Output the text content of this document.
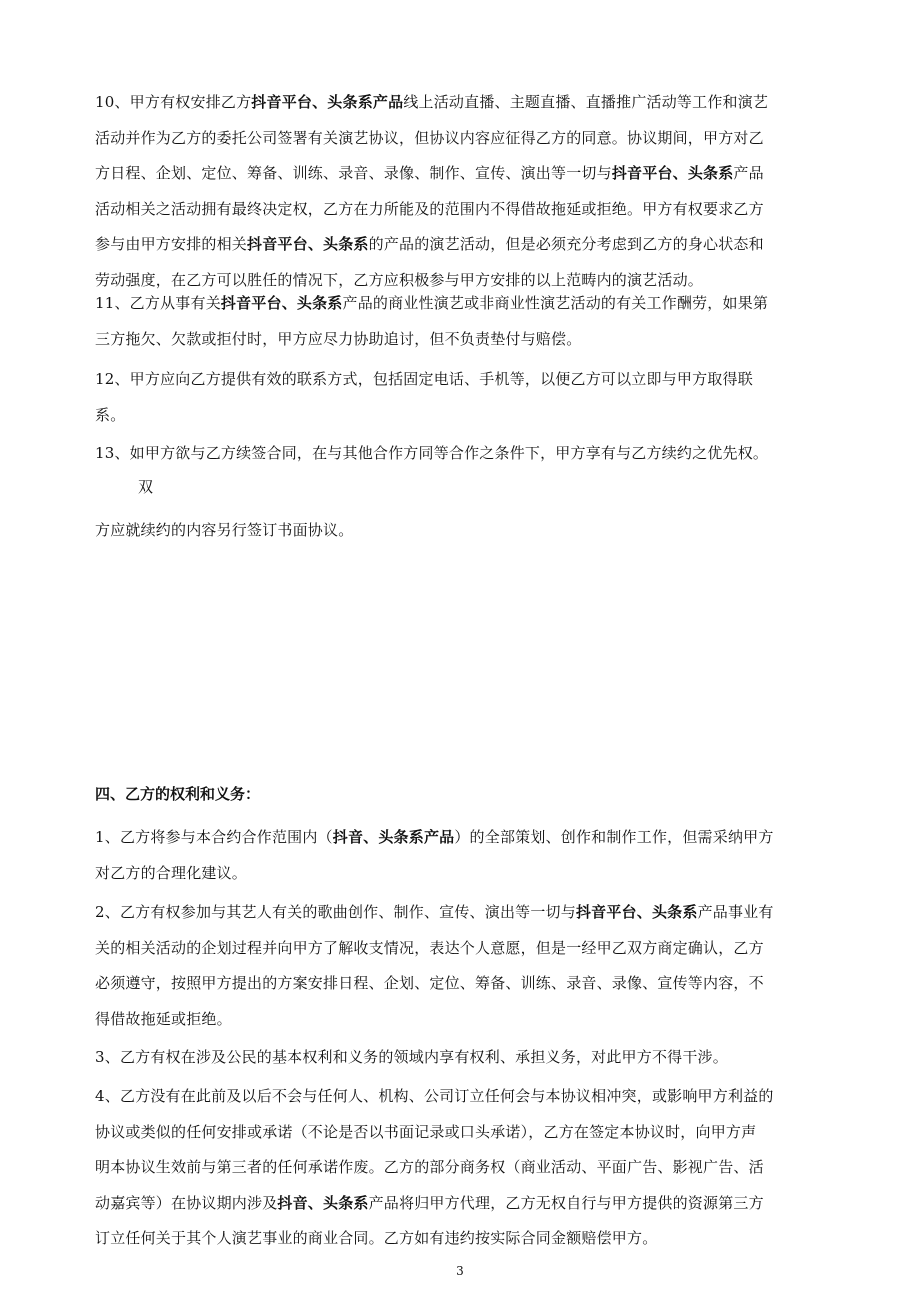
10、甲方有权安排乙方抖音平台、头条系产品线上活动直播、主题直播、直播推广活动等工作和演艺
活动并作为乙方的委托公司签署有关演艺协议，但协议内容应征得乙方的同意。协议期间，甲方对乙
方日程、企划、定位、筹备、训练、录音、录像、制作、宣传、演出等一切与抖音平台、头条系产品
活动相关之活动拥有最终决定权，乙方在力所能及的范围内不得借故拖延或拒绝。甲方有权要求乙方
参与由甲方安排的相关抖音平台、头条系的产品的演艺活动，但是必须充分考虑到乙方的身心状态和
劳动强度，在乙方可以胜任的情况下，乙方应积极参与甲方安排的以上范畴内的演艺活动。
11、乙方从事有关抖音平台、头条系产品的商业性演艺或非商业性演艺活动的有关工作酬劳，如果第
三方拖欠、欠款或拒付时，甲方应尽力协助追讨，但不负责垫付与赔偿。
12、甲方应向乙方提供有效的联系方式，包括固定电话、手机等，以便乙方可以立即与甲方取得联
系。
13、如甲方欲与乙方续签合同，在与其他合作方同等合作之条件下，甲方享有与乙方续约之优先权。
双
方应就续约的内容另行签订书面协议。
四、乙方的权利和义务：
1、乙方将参与本合约合作范围内（抖音、头条系产品）的全部策划、创作和制作工作，但需采纳甲方
对乙方的合理化建议。
2、乙方有权参加与其艺人有关的歌曲创作、制作、宣传、演出等一切与抖音平台、头条系产品事业有
关的相关活动的企划过程并向甲方了解收支情况，表达个人意愿，但是一经甲乙双方商定确认，乙方
必须遵守，按照甲方提出的方案安排日程、企划、定位、筹备、训练、录音、录像、宣传等内容，不
得借故拖延或拒绝。
3、乙方有权在涉及公民的基本权利和义务的领域内享有权利、承担义务，对此甲方不得干涉。
4、乙方没有在此前及以后不会与任何人、机构、公司订立任何会与本协议相冲突，或影响甲方利益的
协议或类似的任何安排或承诺（不论是否以书面记录或口头承诺），乙方在签定本协议时，向甲方声
明本协议生效前与第三者的任何承诺作废。乙方的部分商务权（商业活动、平面广告、影视广告、活
动嘉宾等）在协议期内涉及抖音、头条系产品将归甲方代理，乙方无权自行与甲方提供的资源第三方
订立任何关于其个人演艺事业的商业合同。乙方如有违约按实际合同金额赔偿甲方。
3
